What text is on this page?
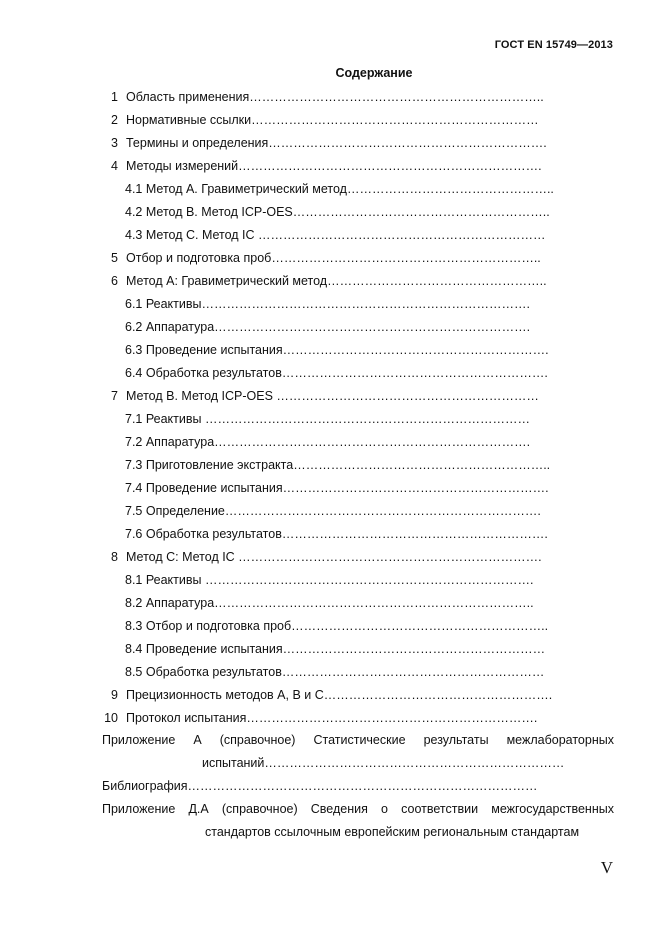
ГОСТ EN 15749—2013
Содержание
1 Область применения……………………………………………………………..
2 Нормативные ссылки……………………………………………………………
3 Термины и определения………………………………………………………….
4 Методы измерений……………………………………………………………….
4.1 Метод А. Гравиметрический метод…………………………………………..
4.2 Метод В. Метод ICP-OES……………………………………………………..
4.3 Метод С. Метод IC ……………………………………………………………
5 Отбор и подготовка проб………………………………………………………..
6 Метод А: Гравиметрический метод……………………………………………..
6.1 Реактивы…………………………………………………………………….
6.2 Аппаратура………………………………………………………………….
6.3 Проведение испытания……………………………………………………….
6.4 Обработка результатов……………………………………………………….
7 Метод В. Метод ICP-OES ………………………………………………………
7.1 Реактивы ……………………………………………………………………
7.2 Аппаратура………………………………………………………………….
7.3 Приготовление экстракта……………………………………………………..
7.4 Проведение испытания……………………………………………………….
7.5 Определение………………………………………………………………….
7.6 Обработка результатов……………………………………………………….
8 Метод С: Метод IC ……………………………………………………………….
8.1 Реактивы …………………………………………………………………….
8.2 Аппаратура…………………………………………………………………..
8.3 Отбор и подготовка проб……………………………………………………..
8.4 Проведение испытания………………………………………………………
8.5 Обработка результатов………………………………………………………
9 Прецизионность методов А, В и С……………………………………………….
10 Протокол испытания…………………………………………………………….
Приложение А (справочное) Статистические результаты межлабораторных
испытаний………………………………………………………………
Библиография…………………………………………………………………………
Приложение Д.А (справочное) Сведения о соответствии межгосударственных
стандартов ссылочным европейским региональным стандартам
V
